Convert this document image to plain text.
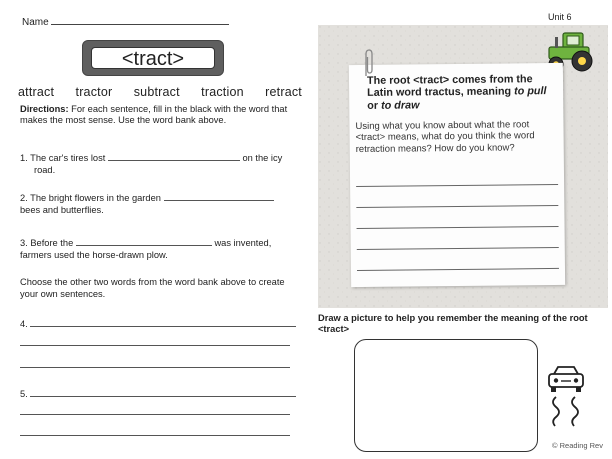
Name
<tract>
attract tractor subtract traction retract
Directions: For each sentence, fill in the black with the word that makes the most sense. Use the word bank above.
1. The car's tires lost	on the icy
road.
2. The bright flowers in the garden
bees and butterflies.
3. Before the	was invented,
farmers used the horse-drawn plow.
Choose the other two words from the word bank above to create your own sentences.
4.
5.
Unit 6
The root <tract> comes from the Latin word tractus, meaning to pull or to draw
Using what you know about what the root <tract> means, what do you think the word retraction means? How do you know?
Draw a picture to help you remember the meaning of the root <tract>
© Reading Rev
